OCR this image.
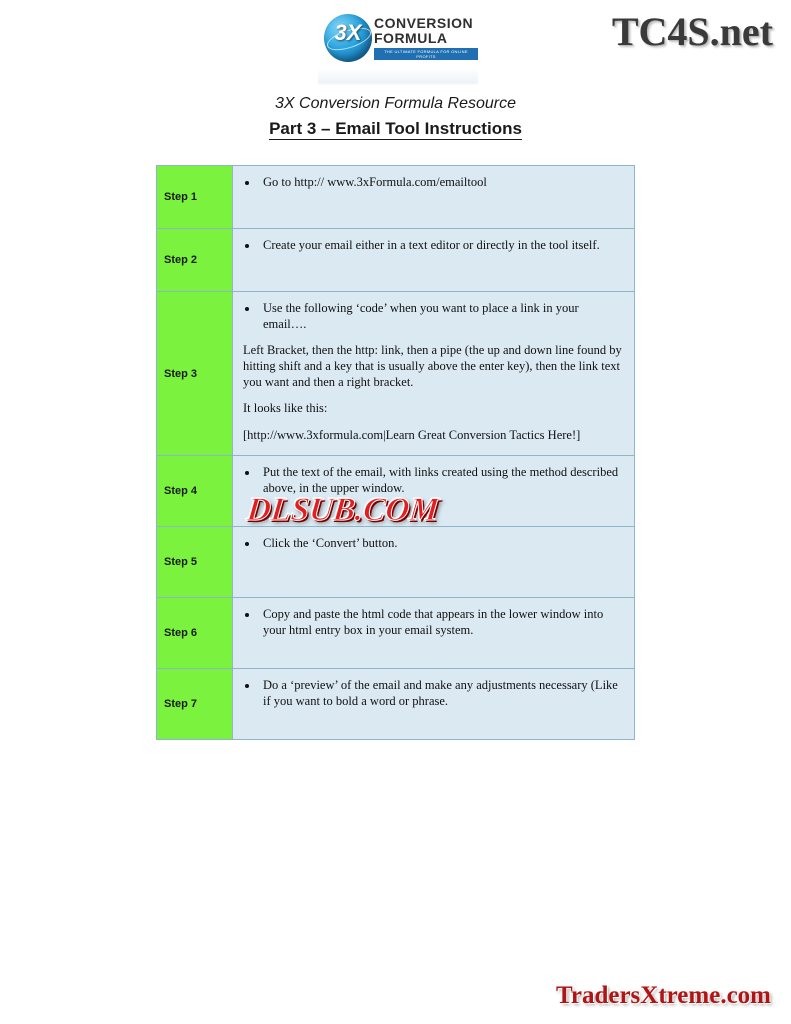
TC4S.net
3X CONVERSION
FORMULA
THE ULTIMATE FORMULA FOR ONLINE PROFITS
3X Conversion Formula Resource
Part 3 – Email Tool Instructions
Step 1	
• Go to http:// www.3xFormula.com/emailtool

Step 2	
• Create your email either in a text editor or directly in the tool itself.

Step 3	
• Use the following ‘code’ when you want to place a link in your email….

Left Bracket, then the http: link, then a pipe (the up and down line found by hitting shift and a key that is usually above the enter key), then the link text you want and then a right bracket.

It looks like this:

[http://www.3xformula.com|Learn Great Conversion Tactics Here!]

Step 4	
• Put the text of the email, with links created using the method described above, in the upper window.

Step 5	
• Click the ‘Convert’ button.

Step 6	
• Copy and paste the html code that appears in the lower window into your html entry box in your email system.

Step 7	
• Do a ‘preview’ of the email and make any adjustments necessary (Like if you want to bold a word or phrase.
DLSUB.COM
TradersXtreme.com
